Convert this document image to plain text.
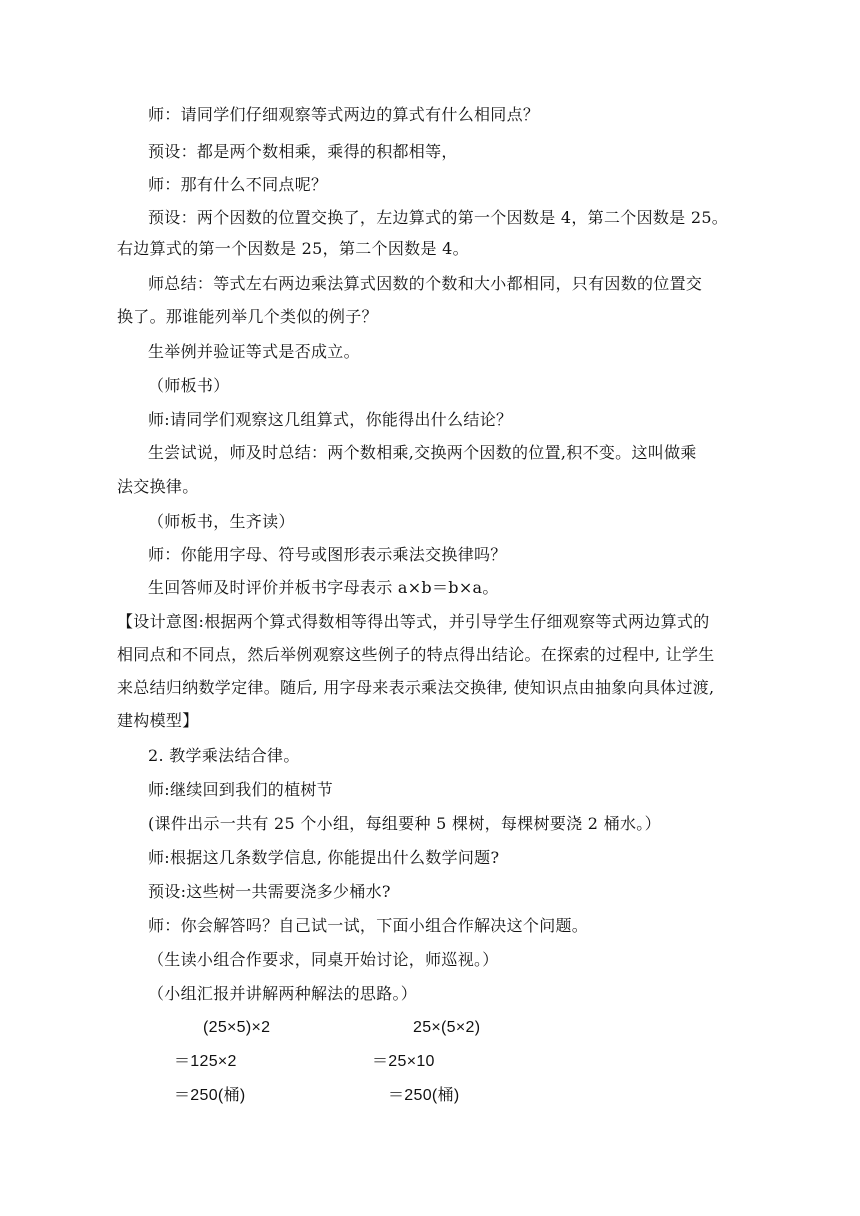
师：请同学们仔细观察等式两边的算式有什么相同点？
预设：都是两个数相乘，乘得的积都相等，
师：那有什么不同点呢？
预设：两个因数的位置交换了，左边算式的第一个因数是 4，第二个因数是 25。
右边算式的第一个因数是 25，第二个因数是 4。
师总结：等式左右两边乘法算式因数的个数和大小都相同，只有因数的位置交
换了。那谁能列举几个类似的例子？
生举例并验证等式是否成立。
（师板书）
师:请同学们观察这几组算式，你能得出什么结论？
生尝试说，师及时总结：两个数相乘,交换两个因数的位置,积不变。这叫做乘
法交换律。
（师板书，生齐读）
师：你能用字母、符号或图形表示乘法交换律吗？
生回答师及时评价并板书字母表示 a×b＝b×a。
【设计意图:根据两个算式得数相等得出等式，并引导学生仔细观察等式两边算式的
相同点和不同点，然后举例观察这些例子的特点得出结论。在探索的过程中, 让学生
来总结归纳数学定律。随后, 用字母来表示乘法交换律, 使知识点由抽象向具体过渡,
建构模型】
2. 教学乘法结合律。
师:继续回到我们的植树节
(课件出示一共有 25 个小组，每组要种 5 棵树，每棵树要浇 2 桶水。）
师:根据这几条数学信息, 你能提出什么数学问题?
预设:这些树一共需要浇多少桶水?
师：你会解答吗？自己试一试，下面小组合作解决这个问题。
（生读小组合作要求，同桌开始讨论，师巡视。）
（小组汇报并讲解两种解法的思路。）
(25×5)×2	25×(5×2)
＝125×2	＝25×10
＝250(桶)	＝250(桶)
